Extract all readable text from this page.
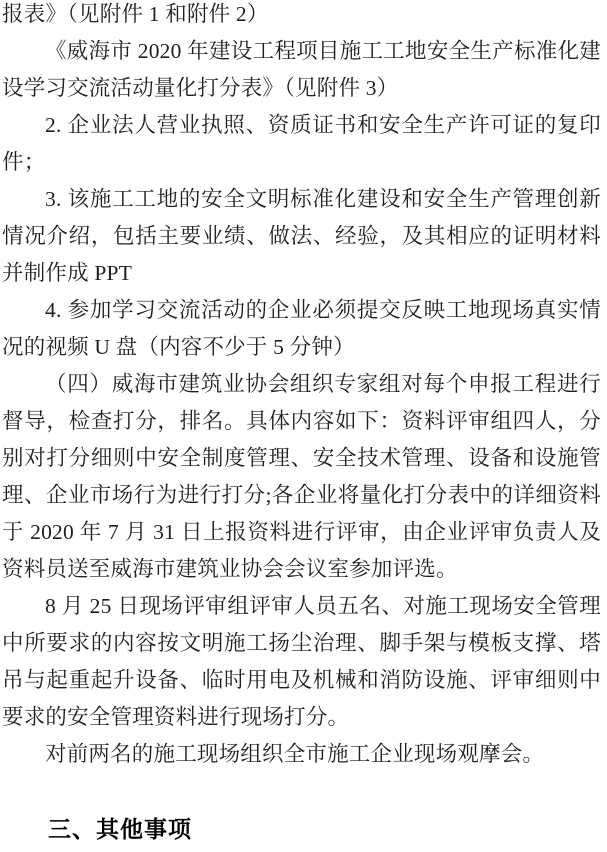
报表》（见附件 1 和附件 2）

《威海市 2020 年建设工程项目施工工地安全生产标准化建设学习交流活动量化打分表》（见附件 3）

2. 企业法人营业执照、资质证书和安全生产许可证的复印件；

3. 该施工工地的安全文明标准化建设和安全生产管理创新情况介绍，包括主要业绩、做法、经验，及其相应的证明材料并制作成 PPT

4. 参加学习交流活动的企业必须提交反映工地现场真实情况的视频 U 盘（内容不少于 5 分钟）

（四）威海市建筑业协会组织专家组对每个申报工程进行督导，检查打分，排名。具体内容如下：资料评审组四人，分别对打分细则中安全制度管理、安全技术管理、设备和设施管理、企业市场行为进行打分;各企业将量化打分表中的详细资料于 2020 年 7 月 31 日上报资料进行评审，由企业评审负责人及资料员送至威海市建筑业协会会议室参加评选。

8 月 25 日现场评审组评审人员五名、对施工现场安全管理中所要求的内容按文明施工扬尘治理、脚手架与模板支撑、塔吊与起重起升设备、临时用电及机械和消防设施、评审细则中要求的安全管理资料进行现场打分。

对前两名的施工现场组织全市施工企业现场观摩会。

三、其他事项
